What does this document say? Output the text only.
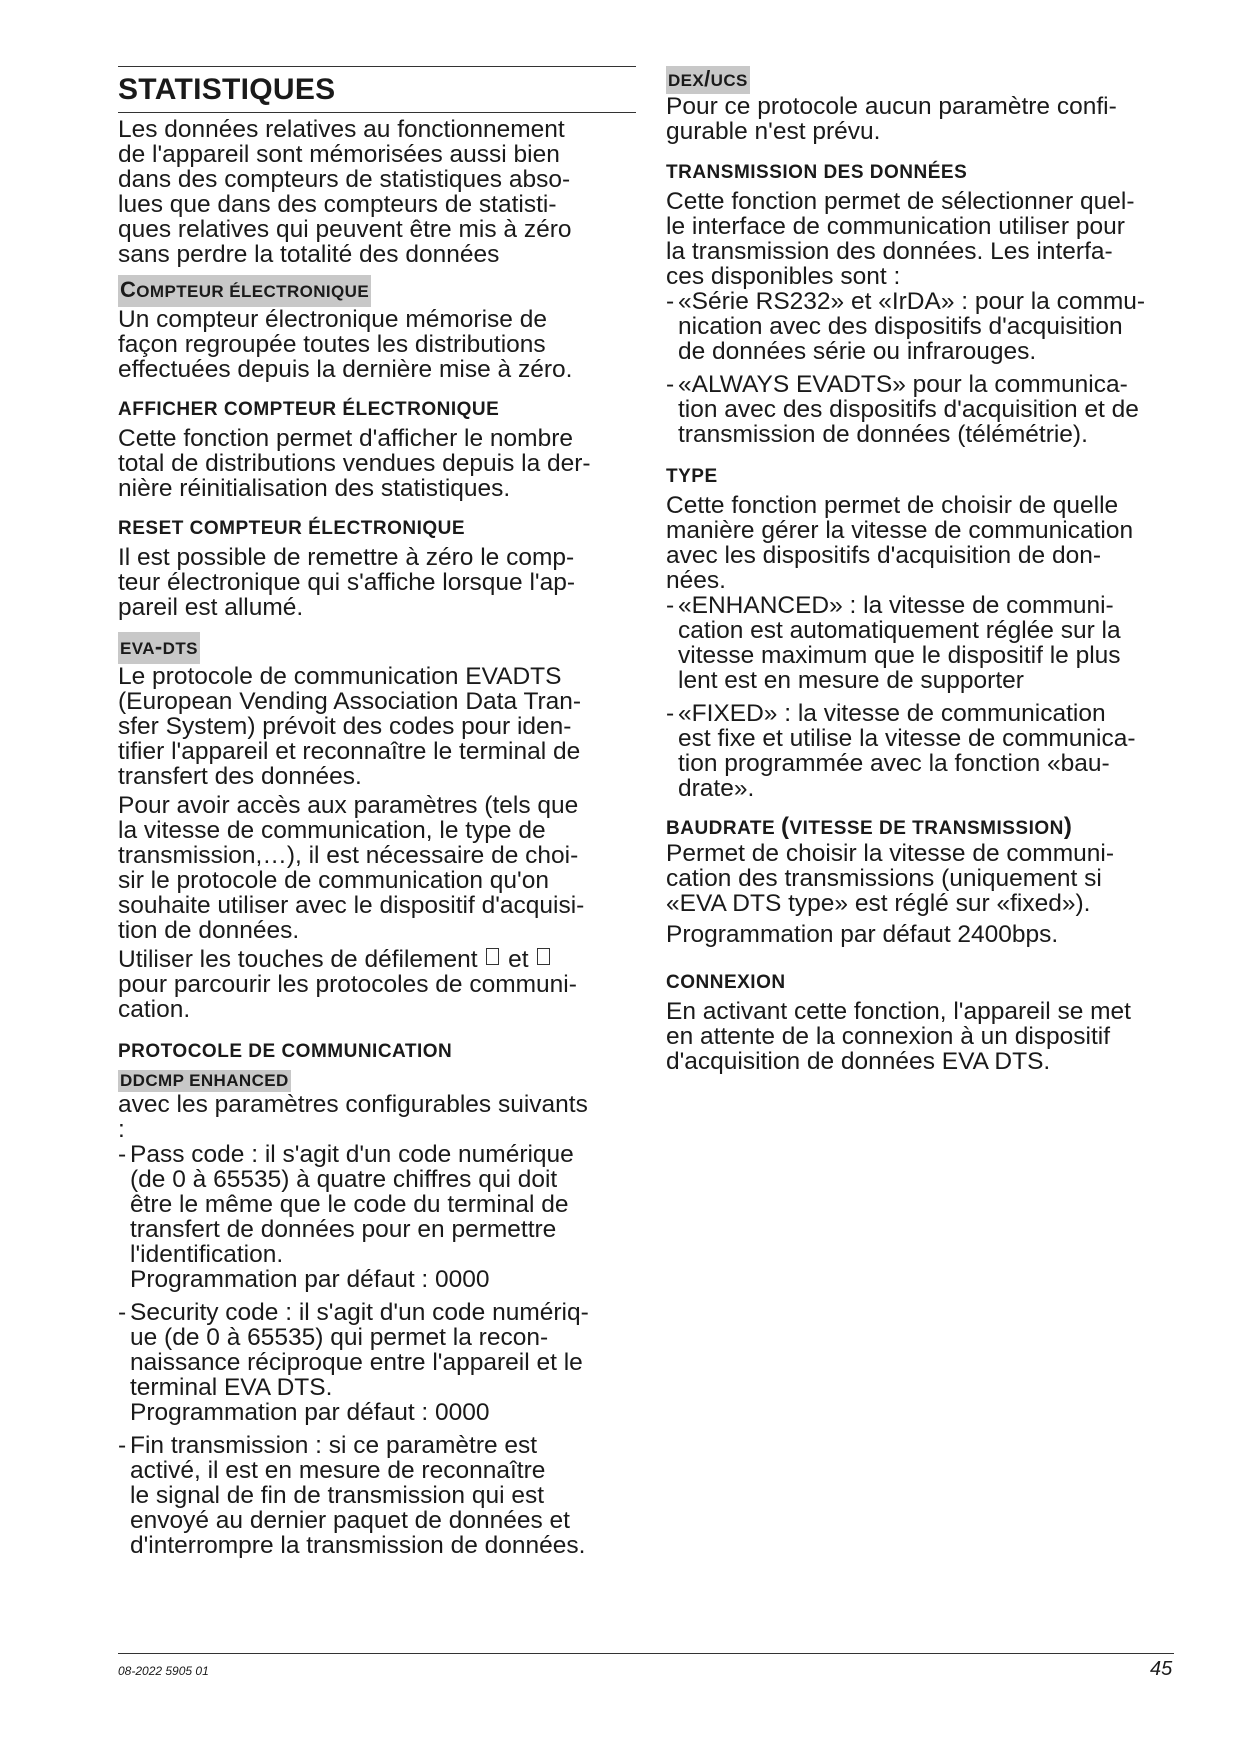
STATISTIQUES

Les données relatives au fonctionnement
de l'appareil sont mémorisées aussi bien
dans des compteurs de statistiques abso-
lues que dans des compteurs de statisti-
ques relatives qui peuvent être mis à zéro
sans perdre la totalité des données

COMPTEUR ÉLECTRONIQUE

Un compteur électronique mémorise de
façon regroupée toutes les distributions
effectuées depuis la dernière mise à zéro.

AFFICHER COMPTEUR ÉLECTRONIQUE

Cette fonction permet d'afficher le nombre
total de distributions vendues depuis la der-
nière réinitialisation des statistiques.

RESET COMPTEUR ÉLECTRONIQUE

Il est possible de remettre à zéro le comp-
teur électronique qui s'affiche lorsque l'ap-
pareil est allumé.

EVA-DTS

Le protocole de communication EVADTS
(European Vending Association Data Tran-
sfer System) prévoit des codes pour iden-
tifier l'appareil et reconnaître le terminal de
transfert des données.

Pour avoir accès aux paramètres (tels que
la vitesse de communication, le type de
transmission,…), il est nécessaire de choi-
sir le protocole de communication qu'on
souhaite utiliser avec le dispositif d'acquisi-
tion de données.

Utiliser les touches de défilement et
pour parcourir les protocoles de communi-
cation.

PROTOCOLE DE COMMUNICATION
DDCMP ENHANCED

avec les paramètres configurables suivants
:

- Pass code : il s'agit d'un code numérique
(de 0 à 65535) à quatre chiffres qui doit
être le même que le code du terminal de
transfert de données pour en permettre
l'identification.
Programmation par défaut : 0000
- Security code : il s'agit d'un code numériq-
ue (de 0 à 65535) qui permet la recon-
naissance réciproque entre l'appareil et le
terminal EVA DTS.
Programmation par défaut : 0000
- Fin transmission : si ce paramètre est
activé, il est en mesure de reconnaître
le signal de fin de transmission qui est
envoyé au dernier paquet de données et
d'interrompre la transmission de données.
DEX/UCS

Pour ce protocole aucun paramètre confi-
gurable n'est prévu.

TRANSMISSION DES DONNÉES

Cette fonction permet de sélectionner quel-
le interface de communication utiliser pour
la transmission des données. Les interfa-
ces disponibles sont :

- «Série RS232» et «IrDA» : pour la commu-
nication avec des dispositifs d'acquisition
de données série ou infrarouges.
- «ALWAYS EVADTS» pour la communica-
tion avec des dispositifs d'acquisition et de
transmission de données (télémétrie).
TYPE

Cette fonction permet de choisir de quelle
manière gérer la vitesse de communication
avec les dispositifs d'acquisition de don-
nées.

- «ENHANCED» : la vitesse de communi-
cation est automatiquement réglée sur la
vitesse maximum que le dispositif le plus
lent est en mesure de supporter
- «FIXED» : la vitesse de communication
est fixe et utilise la vitesse de communica-
tion programmée avec la fonction «bau-
drate».
BAUDRATE (VITESSE DE TRANSMISSION)

Permet de choisir la vitesse de communi-
cation des transmissions (uniquement si
«EVA DTS type» est réglé sur «fixed»).

Programmation par défaut 2400bps.

CONNEXION

En activant cette fonction, l'appareil se met
en attente de la connexion à un dispositif
d'acquisition de données EVA DTS.

08-2022 5905 01	45
